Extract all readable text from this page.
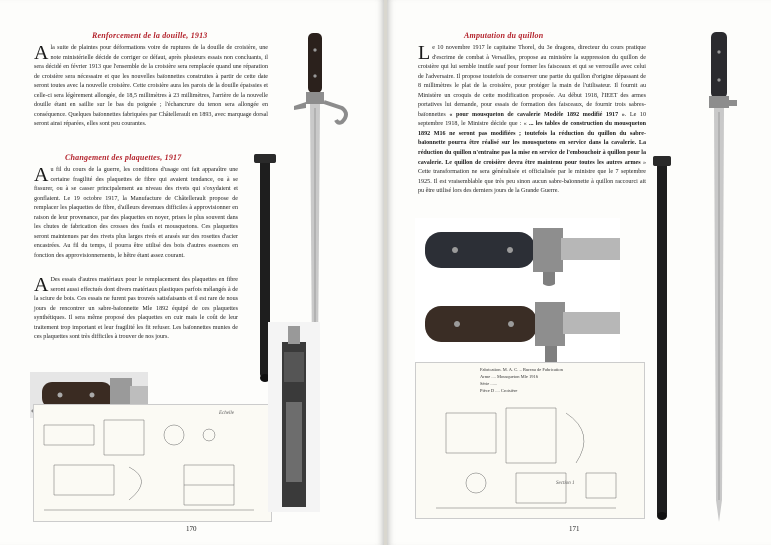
Renforcement de la douille, 1913

Ala suite de plaintes pour déformations voire de ruptures de la douille de croisière, une note ministérielle décide de corriger ce défaut, après plusieurs essais non concluants, il sera décidé en février 1913 que l'ensemble de la croisière sera remplacée quand une réparation de croisière sera nécessaire et que les nouvelles baïonnettes construites à partir de cette date seront toutes avec la nouvelle croisière. Cette croisière aura les parois de la douille épaissies et celle-ci sera légèrement allongée, de 18,5 millimètres à 23 millimètres, l'arrière de la nouvelle douille étant en saillie sur le bas du poignée ; l'échancrure du tenon sera allongée en conséquence. Quelques baïonnettes fabriquées par Châtellerault en 1893, avec marquage dorsal seront ainsi réparées, elles sont peu courantes.

Changement des plaquettes, 1917

Au fil du cours de la guerre, les conditions d'usage ont fait apparaître une certaine fragilité des plaquettes de fibre qui avaient tendance, ou à se fissurer, ou à se casser principalement au niveau des rivets qui s'oxydaient et gonflaient. Le 19 octobre 1917, la Manufacture de Châtellerault propose de remplacer les plaquettes de fibre, d'ailleurs devenues difficiles à approvisionner en raison de leur provenance, par des plaquettes en noyer, prises le plus souvent dans les chutes de fabrication des crosses des fusils et mousquetons. Ces plaquettes seront maintenues par des rivets plus larges rivés et arasés sur des rosettes d'acier encastrées. Au fil du temps, il pourra être utilisé des bois d'autres essences en fonction des approvisionnements, le hêtre étant assez courant.

A Des essais d'autres matériaux pour le remplacement des plaquettes en fibre seront aussi effectués dont divers matériaux plastiques parfois mélangés à de la sciure de bois. Ces essais ne furent pas trouvés satisfaisants et il est rare de nous jours de rencontrer un sabre-baïonnette Mle 1892 équipé de ces plaquettes synthétiques. Il sera même proposé des plaquettes en cuir mais le coût de leur traitement trop important et leur fragilité les fit refuser. Les baïonnettes munies de ces plaquettes sont très difficiles à trouver de nos jours.

Echelle
170
Amputation du quillon

Le 10 novembre 1917 le capitaine Thorel, du 3e dragons, directeur du cours pratique d'escrime de combat à Versailles, propose au ministère la suppression du quillon de croisière qui lui semble inutile sauf pour former les faisceaux et qui se verrouille avec celui de l'adversaire. Il propose toutefois de conserver une partie du quillon d'origine dépassant de 8 millimètres le plat de la croisière, pour protéger la main de l'utilisateur. Il fournit au Ministère un croquis de cette modification proposée. Au début 1918, l'IEET des armes portatives lui demande, pour essais de formation des faisceaux, de fournir trois sabres-baïonnettes « pour mousqueton de cavalerie Modèle 1892 modifié 1917 ». Le 10 septembre 1918, le Ministre décide que : « ... les tables de construction du mousqueton 1892 M16 ne seront pas modifiées ; toutefois la réduction du quillon du sabre-baïonnette pourra être réalisé sur les mousquetons en service dans la cavalerie. La réduction du quillon n'entraîne pas la mise en service de l'embouchoir à quillon pour la cavalerie. Le quillon de croisière devra être maintenu pour toutes les autres armes » Cette transformation ne sera généralisée et officialisée par le ministre que le 7 septembre 1925. Il est vraisemblable que très peu sinon aucun sabre-baïonnette à quillon raccourci ait pu être utilisé lors des derniers jours de la Grande Guerre.

Fabrication. M. A. C. – Bureau de Fabrication
Arme .... Mousqueton Mle 1916
Série ......
Pièce D .... Croisière
Section 1
171
